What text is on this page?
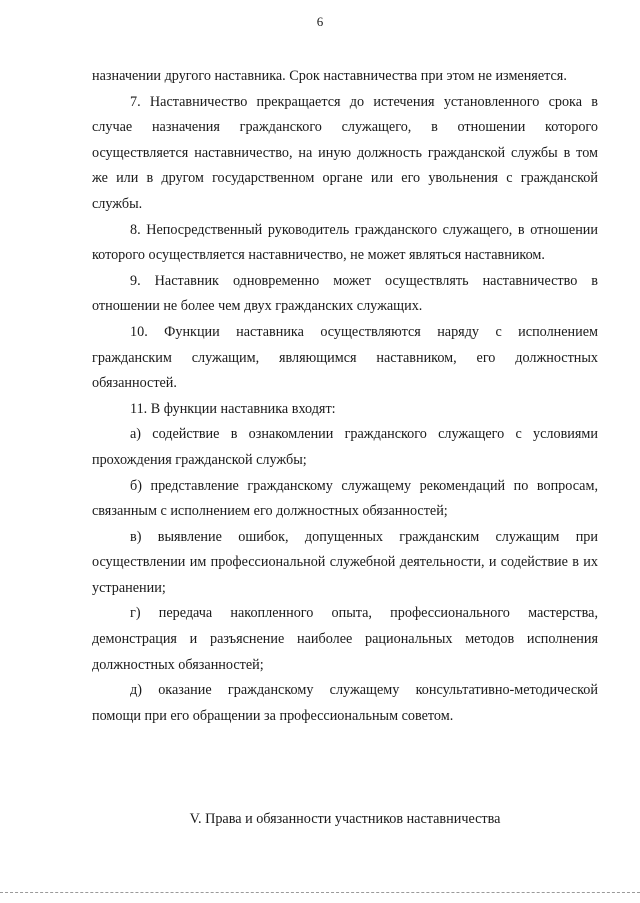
6

назначении другого наставника. Срок наставничества при этом не изменяется.

7. Наставничество прекращается до истечения установленного срока в случае назначения гражданского служащего, в отношении которого осуществляется наставничество, на иную должность гражданской службы в том же или в другом государственном органе или его увольнения с гражданской службы.

8. Непосредственный руководитель гражданского служащего, в отношении которого осуществляется наставничество, не может являться наставником.

9. Наставник одновременно может осуществлять наставничество в отношении не более чем двух гражданских служащих.

10. Функции наставника осуществляются наряду с исполнением гражданским служащим, являющимся наставником, его должностных обязанностей.

11. В функции наставника входят:

а) содействие в ознакомлении гражданского служащего с условиями прохождения гражданской службы;

б) представление гражданскому служащему рекомендаций по вопросам, связанным с исполнением его должностных обязанностей;

в) выявление ошибок, допущенных гражданским служащим при осуществлении им профессиональной служебной деятельности, и содействие в их устранении;

г) передача накопленного опыта, профессионального мастерства, демонстрация и разъяснение наиболее рациональных методов исполнения должностных обязанностей;

д) оказание гражданскому служащему консультативно-методической помощи при его обращении за профессиональным советом.

V. Права и обязанности участников наставничества
